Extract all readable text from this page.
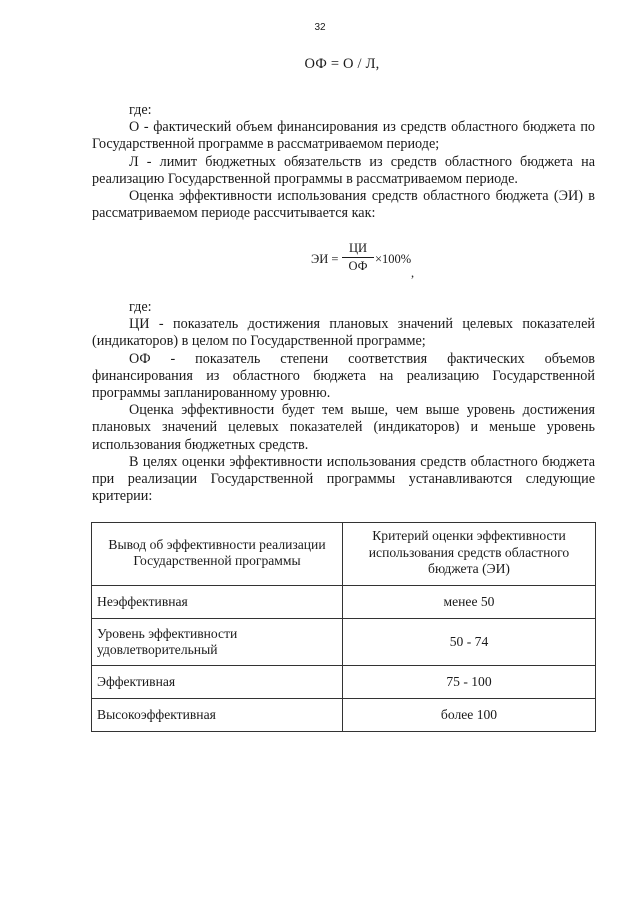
32
ОФ = О / Л,

где:

О - фактический объем финансирования из средств областного бюджета по Государственной программе в рассматриваемом периоде;

Л - лимит бюджетных обязательств из средств областного бюджета на реализацию Государственной программы в рассматриваемом периоде.

Оценка эффективности использования средств областного бюджета (ЭИ) в рассматриваемом периоде рассчитывается как:

ЭИ =
ЦИ
ОФ ×100%
,

где:

ЦИ - показатель достижения плановых значений целевых показателей (индикаторов) в целом по Государственной программе;

ОФ - показатель степени соответствия фактических объемов финансирования из областного бюджета на реализацию Государственной программы запланированному уровню.

Оценка эффективности будет тем выше, чем выше уровень достижения плановых значений целевых показателей (индикаторов) и меньше уровень использования бюджетных средств.

В целях оценки эффективности использования средств областного бюджета при реализации Государственной программы устанавливаются следующие критерии:

Вывод об эффективности реализации Государственной программы	Критерий оценки эффективности использования средств областного бюджета (ЭИ)
Неэффективная	менее 50
Уровень эффективности удовлетворительный	50 - 74
Эффективная	75 - 100
Высокоэффективная	более 100
